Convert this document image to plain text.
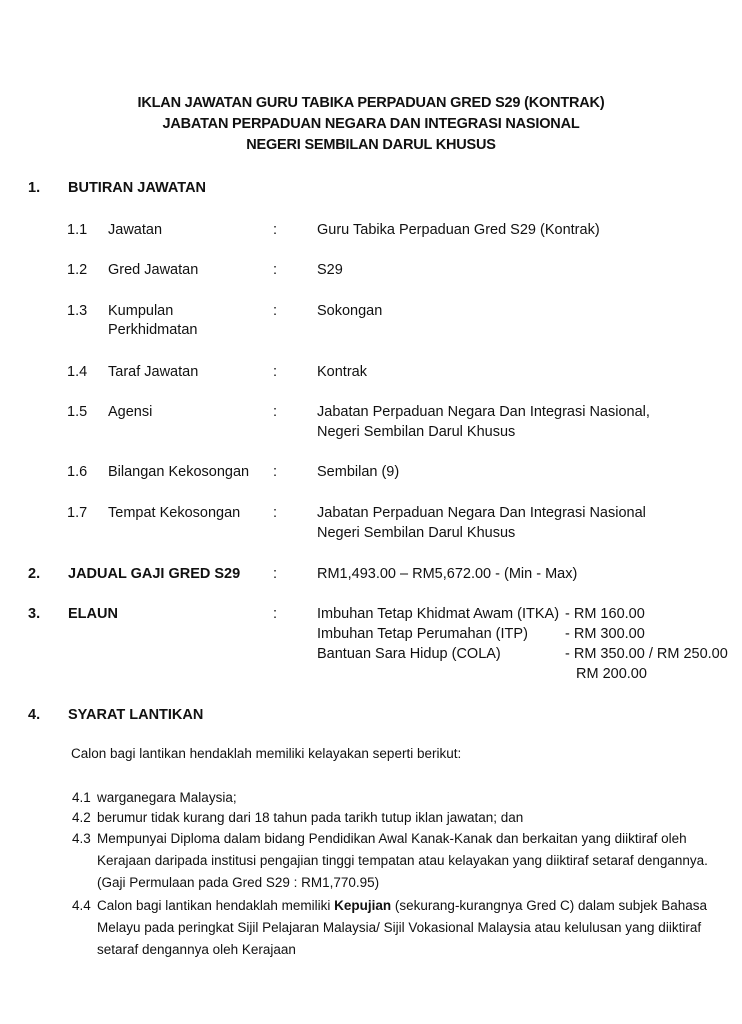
IKLAN JAWATAN GURU TABIKA PERPADUAN GRED S29 (KONTRAK)
JABATAN PERPADUAN NEGARA DAN INTEGRASI NASIONAL
NEGERI SEMBILAN DARUL KHUSUS
1. BUTIRAN JAWATAN
1.1 Jawatan	:	Guru Tabika Perpaduan Gred S29 (Kontrak)
1.2 Gred Jawatan	:	S29
1.3 Kumpulan
Perkhidmatan
:	Sokongan
1.4 Taraf Jawatan	:	Kontrak
1.5 Agensi	:	Jabatan Perpaduan Negara Dan Integrasi Nasional,
Negeri Sembilan Darul Khusus
1.6 Bilangan Kekosongan :	Sembilan (9)
1.7 Tempat Kekosongan :	Jabatan Perpaduan Negara Dan Integrasi Nasional
Negeri Sembilan Darul Khusus
2. JADUAL GAJI GRED S29 :	RM1,493.00 – RM5,672.00 - (Min - Max)
3. ELAUN	:	Imbuhan Tetap Khidmat Awam (ITKA) - RM 160.00
Imbuhan Tetap Perumahan (ITP)	- RM 300.00
Bantuan Sara Hidup (COLA)	- RM 350.00 / RM 250.00
RM 200.00
4. SYARAT LANTIKAN
Calon bagi lantikan hendaklah memiliki kelayakan seperti berikut:
4.1 warganegara Malaysia;
4.2 berumur tidak kurang dari 18 tahun pada tarikh tutup iklan jawatan; dan
4.3 Mempunyai Diploma dalam bidang Pendidikan Awal Kanak-Kanak dan berkaitan yang diiktiraf oleh
Kerajaan daripada institusi pengajian tinggi tempatan atau kelayakan yang diiktiraf setaraf dengannya.
(Gaji Permulaan pada Gred S29 : RM1,770.95)
4.4 Calon bagi lantikan hendaklah memiliki Kepujian (sekurang-kurangnya Gred C) dalam subjek Bahasa
Melayu pada peringkat Sijil Pelajaran Malaysia/ Sijil Vokasional Malaysia atau kelulusan yang diiktiraf
setaraf dengannya oleh Kerajaan
